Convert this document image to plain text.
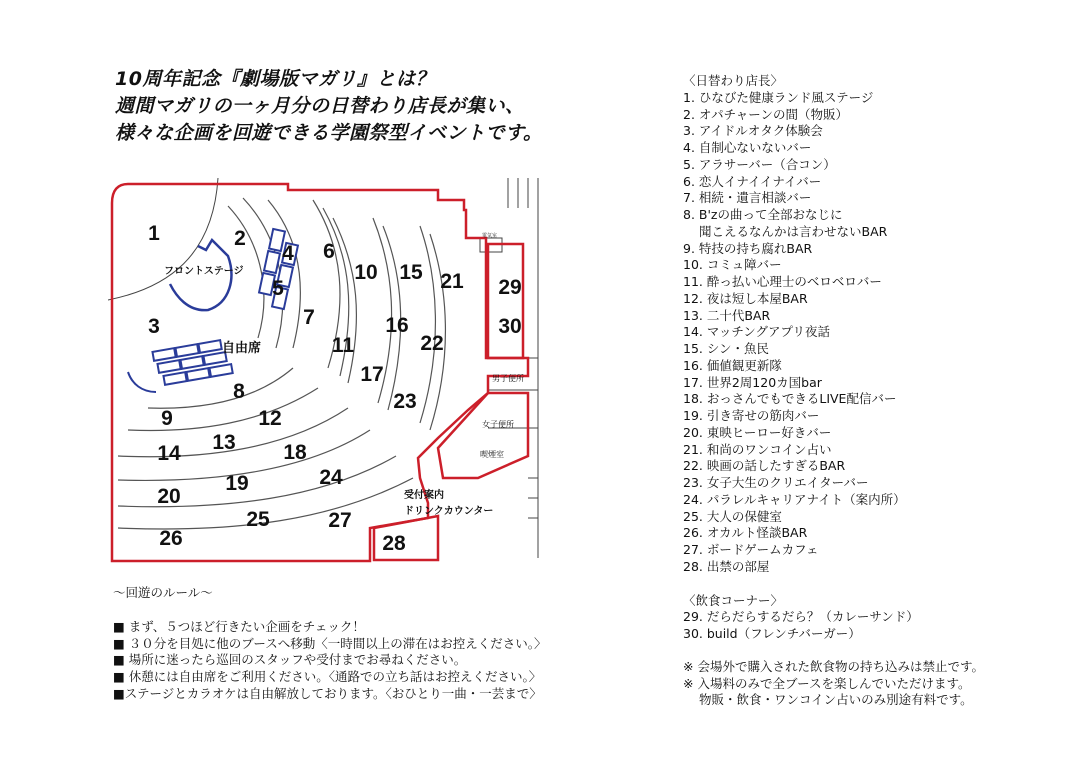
10周年記念『劇場版マガリ』とは？
週間マガリの一ヶ月分の日替わり店長が集い、
様々な企画を回遊できる学園祭型イベントです。
1	2
3
4
5
6
7
8
9
10
11
12
13
14
15
16
17
18
19
20
21
22
23
24
25
26
27
28
29
30
フロントステージ
自由席
男子便所
女子便所
喫煙室
受付案内
ドリンクカウンター
電気室
〜回遊のルール〜
■ まず、５つほど行きたい企画をチェック！
■ ３０分を目処に他のブースへ移動〈一時間以上の滞在はお控えください。〉
■ 場所に迷ったら巡回のスタッフや受付までお尋ねください。
■ 休憩には自由席をご利用ください。〈通路での立ち話はお控えください。〉
■ステージとカラオケは自由解放しております。〈おひとり一曲・一芸まで〉
〈日替わり店長〉
1. ひなびた健康ランド風ステージ
2. オパチャーンの間（物販）
3. アイドルオタク体験会
4. 自制心ないないバー
5. アラサーバー（合コン）
6. 恋人イナイイナイバー
7. 相続・遺言相談バー
8. B'zの曲って全部おなじに
聞こえるなんかは言わせないBAR
9. 特技の持ち腐れBAR
10. コミュ障バー
11. 酔っ払い心理士のベロベロバー
12. 夜は短し本屋BAR
13. 二十代BAR
14. マッチングアプリ夜話
15. シン・魚民
16. 価値観更新隊
17. 世界2周120カ国bar
18. おっさんでもできるLIVE配信バー
19. 引き寄せの筋肉バー
20. 東映ヒーロー好きバー
21. 和尚のワンコイン占い
22. 映画の話したすぎるBAR
23. 女子大生のクリエイターバー
24. パラレルキャリアナイト（案内所）
25. 大人の保健室
26. オカルト怪談BAR
27. ボードゲームカフェ
28. 出禁の部屋
〈飲食コーナー〉
29. だらだらするだら？（カレーサンド）
30. build（フレンチバーガー）
※ 会場外で購入された飲食物の持ち込みは禁止です。
※ 入場料のみで全ブースを楽しんでいただけます。
物販・飲食・ワンコイン占いのみ別途有料です。
